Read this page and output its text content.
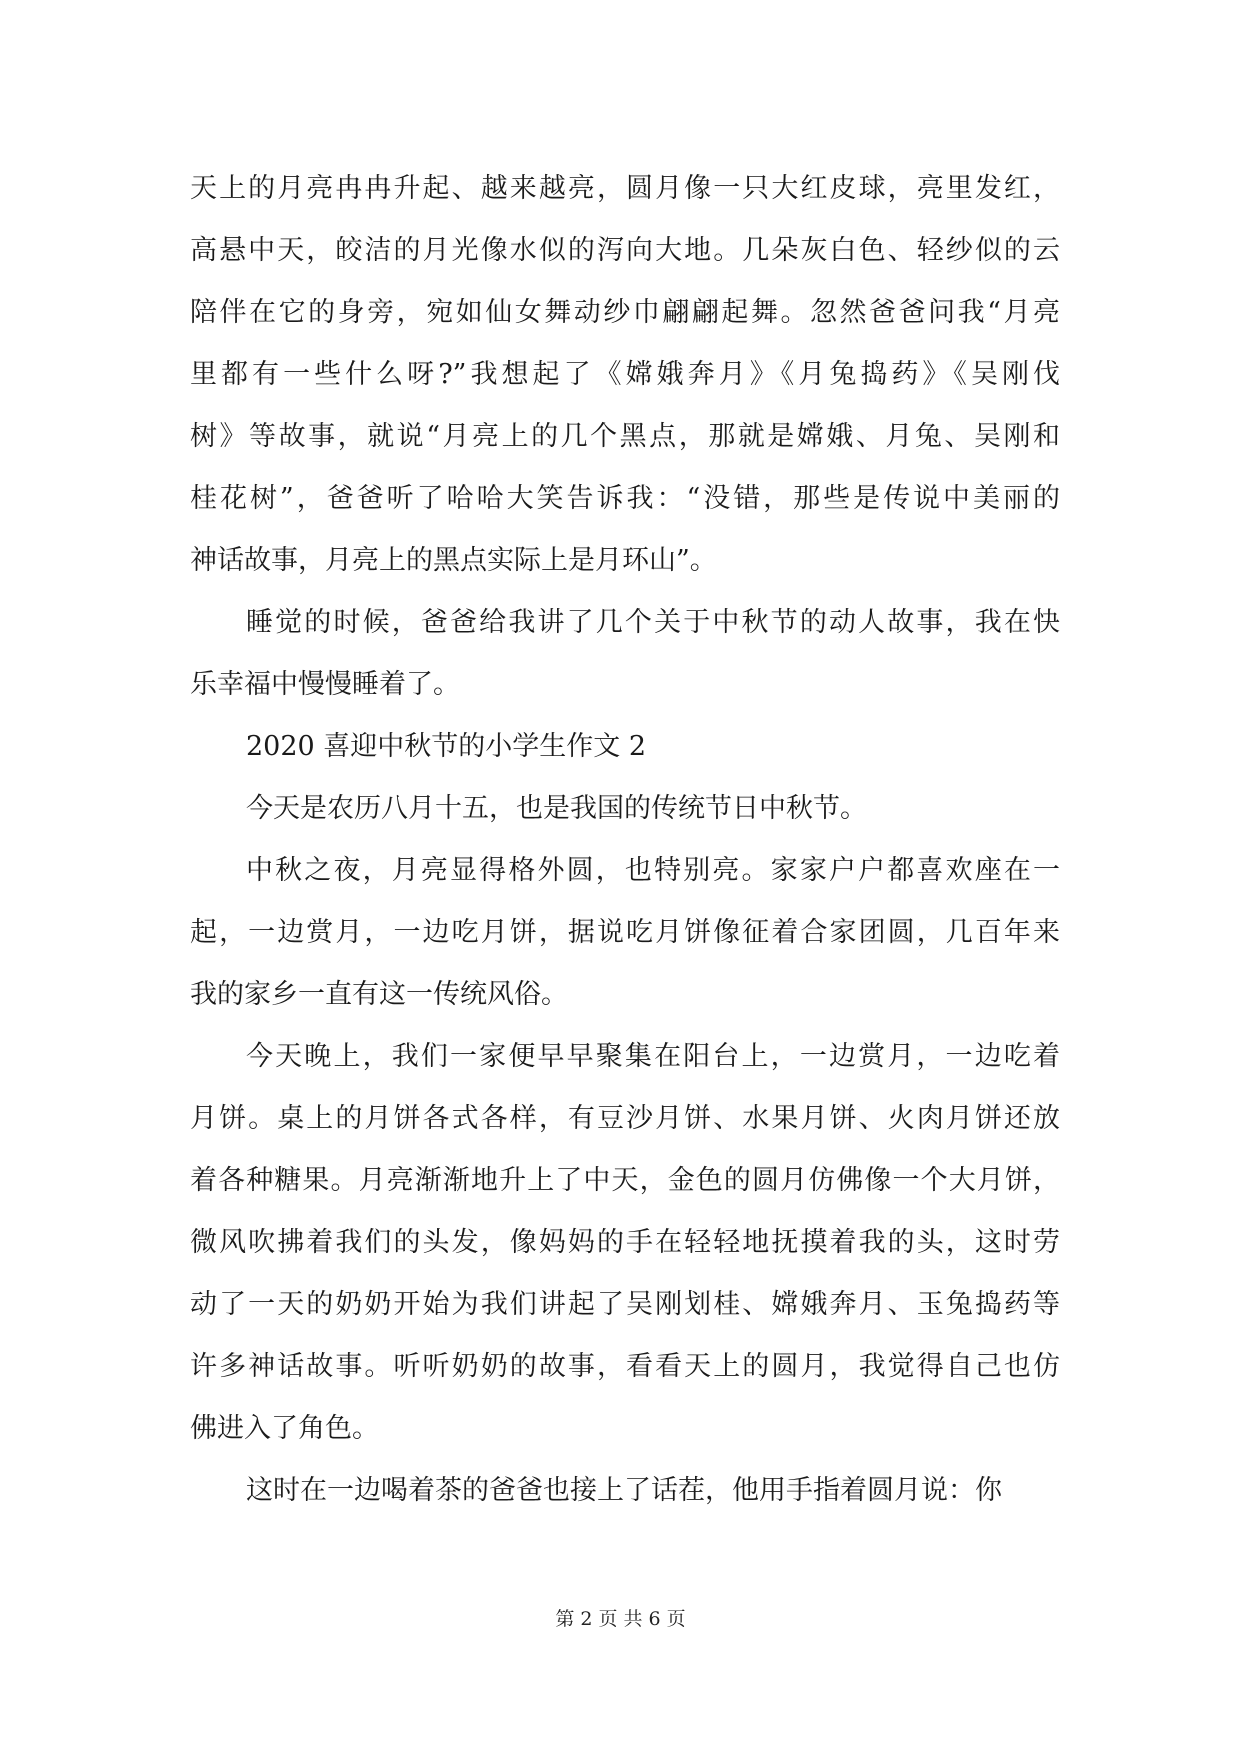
天上的月亮冉冉升起、越来越亮，圆月像一只大红皮球，亮里发红，
高悬中天，皎洁的月光像水似的泻向大地。几朵灰白色、轻纱似的云
陪伴在它的身旁，宛如仙女舞动纱巾翩翩起舞。忽然爸爸问我“月亮
里都有一些什么呀?”我想起了《嫦娥奔月》《月兔捣药》《吴刚伐
树》等故事，就说“月亮上的几个黑点，那就是嫦娥、月兔、吴刚和
桂花树”，爸爸听了哈哈大笑告诉我：“没错，那些是传说中美丽的
神话故事，月亮上的黑点实际上是月环山”。
睡觉的时候，爸爸给我讲了几个关于中秋节的动人故事，我在快
乐幸福中慢慢睡着了。
2020 喜迎中秋节的小学生作文 2
今天是农历八月十五，也是我国的传统节日中秋节。
中秋之夜，月亮显得格外圆，也特别亮。家家户户都喜欢座在一
起，一边赏月，一边吃月饼，据说吃月饼像征着合家团圆，几百年来
我的家乡一直有这一传统风俗。
今天晚上，我们一家便早早聚集在阳台上，一边赏月，一边吃着
月饼。桌上的月饼各式各样，有豆沙月饼、水果月饼、火肉月饼还放
着各种糖果。月亮渐渐地升上了中天，金色的圆月仿佛像一个大月饼，
微风吹拂着我们的头发，像妈妈的手在轻轻地抚摸着我的头，这时劳
动了一天的奶奶开始为我们讲起了吴刚划桂、嫦娥奔月、玉兔捣药等
许多神话故事。听听奶奶的故事，看看天上的圆月，我觉得自己也仿
佛进入了角色。
这时在一边喝着茶的爸爸也接上了话茬，他用手指着圆月说：你
第 2 页 共 6 页
